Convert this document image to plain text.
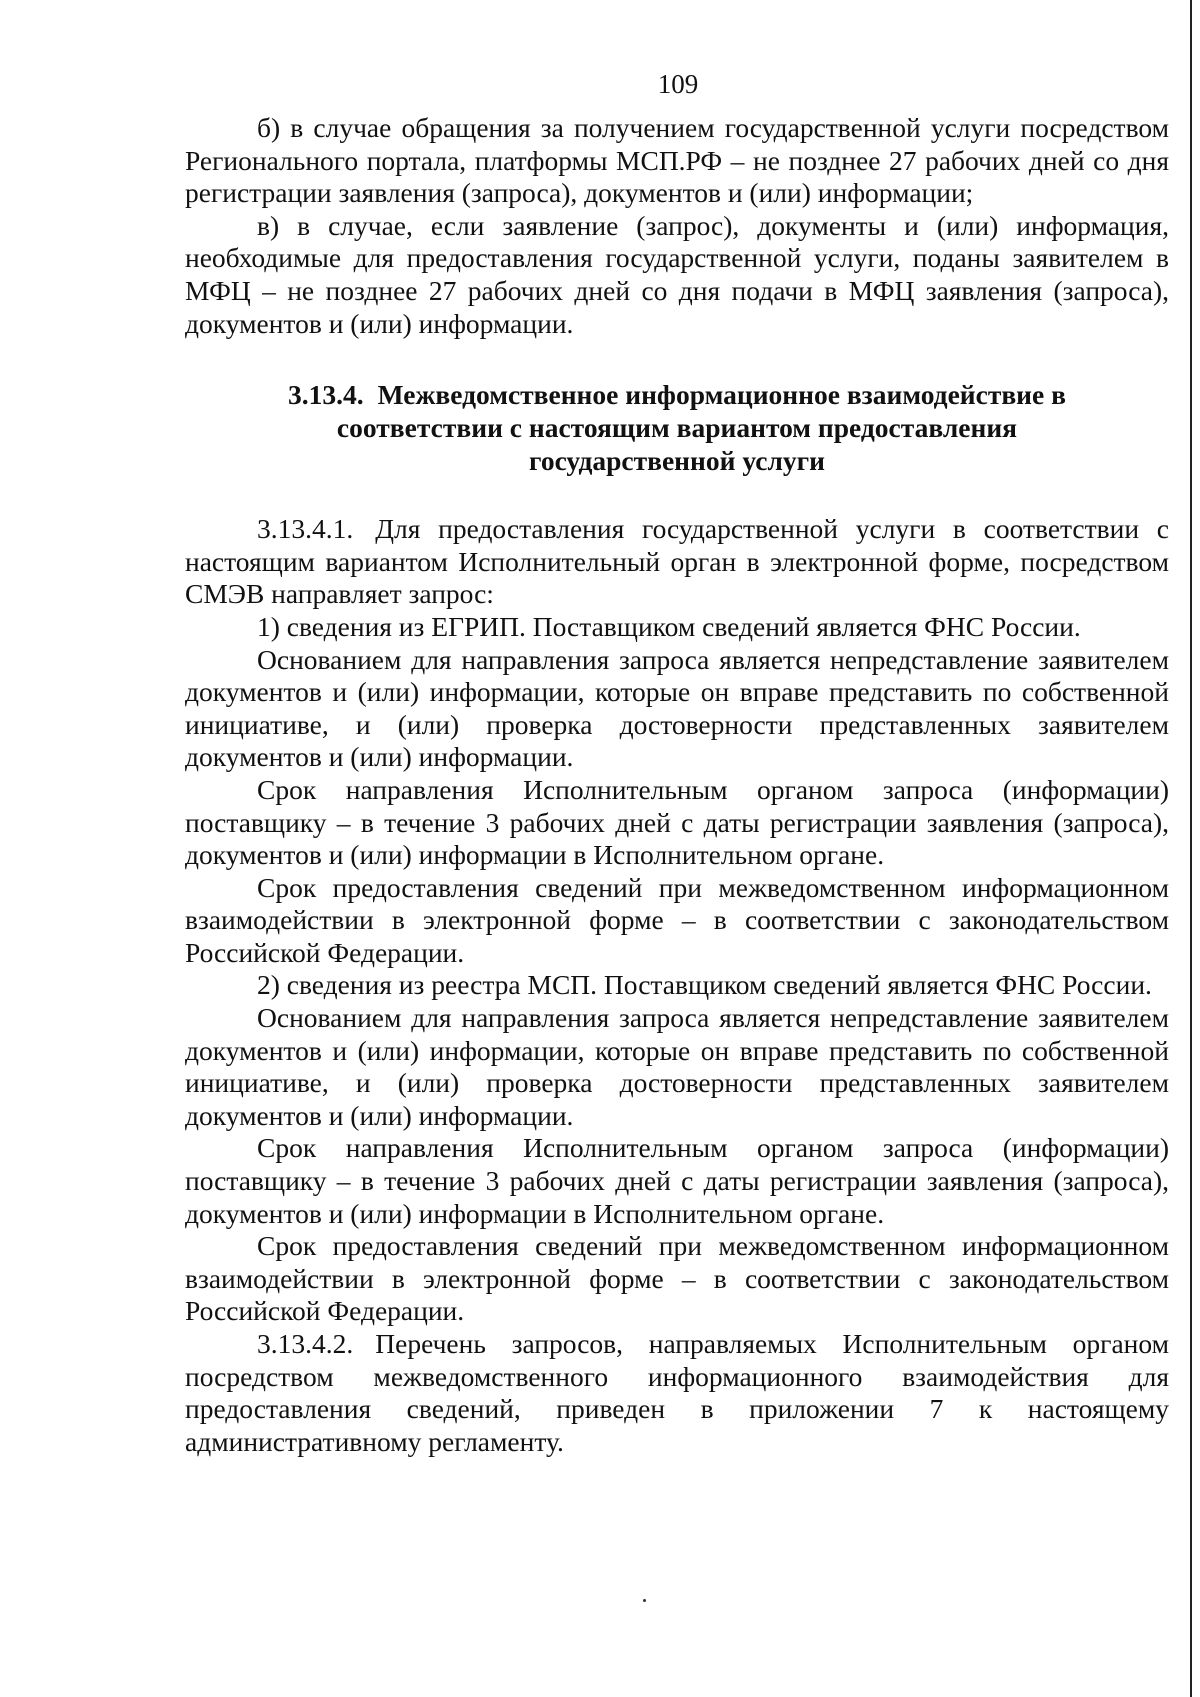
109

б) в случае обращения за получением государственной услуги посредством Регионального портала, платформы МСП.РФ – не позднее 27 рабочих дней со дня регистрации заявления (запроса), документов и (или) информации;

в) в случае, если заявление (запрос), документы и (или) информация, необходимые для предоставления государственной услуги, поданы заявителем в МФЦ – не позднее 27 рабочих дней со дня подачи в МФЦ заявления (запроса), документов и (или) информации.

3.13.4. Межведомственное информационное взаимодействие в
соответствии с настоящим вариантом предоставления
государственной услуги

3.13.4.1. Для предоставления государственной услуги в соответствии с настоящим вариантом Исполнительный орган в электронной форме, посредством СМЭВ направляет запрос:

1) сведения из ЕГРИП. Поставщиком сведений является ФНС России.

Основанием для направления запроса является непредставление заявителем документов и (или) информации, которые он вправе представить по собственной инициативе, и (или) проверка достоверности представленных заявителем документов и (или) информации.

Срок направления Исполнительным органом запроса (информации) поставщику – в течение 3 рабочих дней с даты регистрации заявления (запроса), документов и (или) информации в Исполнительном органе.

Срок предоставления сведений при межведомственном информационном взаимодействии в электронной форме – в соответствии с законодательством Российской Федерации.

2) сведения из реестра МСП. Поставщиком сведений является ФНС России.

Основанием для направления запроса является непредставление заявителем документов и (или) информации, которые он вправе представить по собственной инициативе, и (или) проверка достоверности представленных заявителем документов и (или) информации.

Срок направления Исполнительным органом запроса (информации) поставщику – в течение 3 рабочих дней с даты регистрации заявления (запроса), документов и (или) информации в Исполнительном органе.

Срок предоставления сведений при межведомственном информационном взаимодействии в электронной форме – в соответствии с законодательством Российской Федерации.

3.13.4.2. Перечень запросов, направляемых Исполнительным органом посредством межведомственного информационного взаимодействия для предоставления сведений, приведен в приложении 7 к настоящему административному регламенту.
